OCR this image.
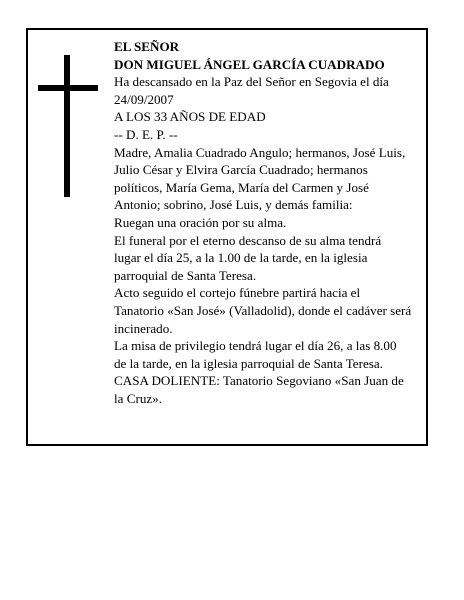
EL SEÑOR
DON MIGUEL ÁNGEL GARCÍA CUADRADO
Ha descansado en la Paz del Señor en Segovia el día
24/09/2007
A LOS 33 AÑOS DE EDAD
-- D. E. P. --
Madre, Amalia Cuadrado Angulo; hermanos, José Luis,
Julio César y Elvira García Cuadrado; hermanos
políticos, María Gema, María del Carmen y José
Antonio; sobrino, José Luis, y demás familia:
Ruegan una oración por su alma.
El funeral por el eterno descanso de su alma tendrá
lugar el día 25, a la 1.00 de la tarde, en la iglesia
parroquial de Santa Teresa.
Acto seguido el cortejo fúnebre partirá hacia el
Tanatorio «San José» (Valladolid), donde el cadáver será
incinerado.
La misa de privilegio tendrá lugar el día 26, a las 8.00
de la tarde, en la iglesia parroquial de Santa Teresa.
CASA DOLIENTE: Tanatorio Segoviano «San Juan de
la Cruz».
